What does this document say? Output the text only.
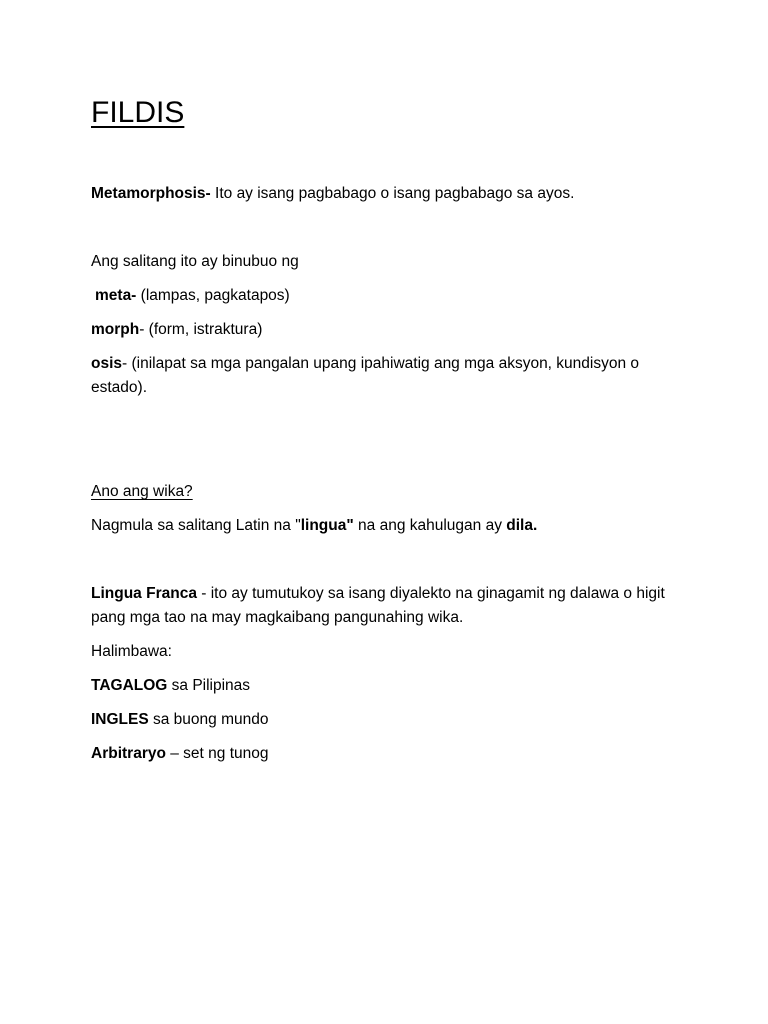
FILDIS
Metamorphosis- Ito ay isang pagbabago o isang pagbabago sa ayos.
Ang salitang ito ay binubuo ng
meta- (lampas, pagkatapos)
morph- (form, istraktura)
osis- (inilapat sa mga pangalan upang ipahiwatig ang mga aksyon, kundisyon o
estado).
Ano ang wika?
Nagmula sa salitang Latin na "lingua" na ang kahulugan ay dila.
Lingua Franca - ito ay tumutukoy sa isang diyalekto na ginagamit ng dalawa o higit
pang mga tao na may magkaibang pangunahing wika.
Halimbawa:
TAGALOG sa Pilipinas
INGLES sa buong mundo
Arbitraryo – set ng tunog
